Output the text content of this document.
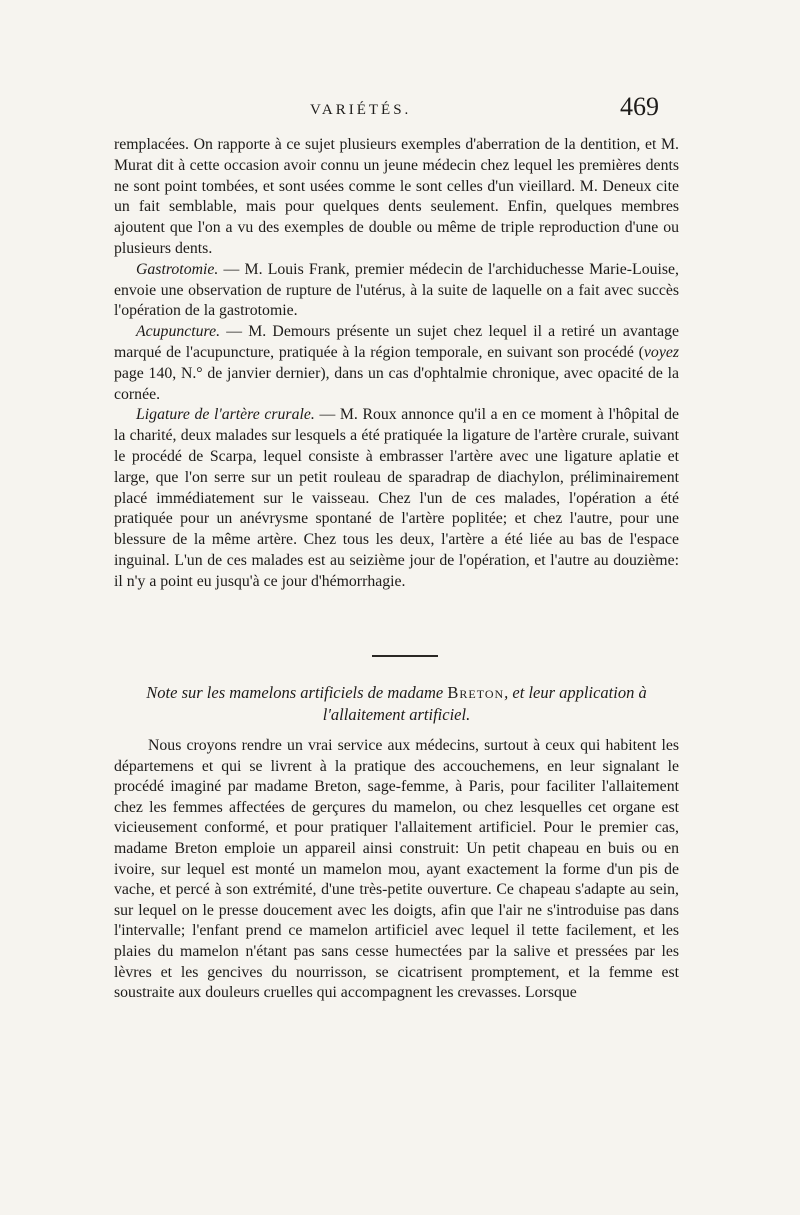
VARIÉTÉS.	469

remplacées. On rapporte à ce sujet plusieurs exemples d'aberration de la dentition, et M. Murat dit à cette occasion avoir connu un jeune médecin chez lequel les premières dents ne sont point tombées, et sont usées comme le sont celles d'un vieillard. M. Deneux cite un fait semblable, mais pour quelques dents seulement. Enfin, quelques membres ajoutent que l'on a vu des exemples de double ou même de triple reproduction d'une ou plusieurs dents.

Gastrotomie. — M. Louis Frank, premier médecin de l'archiduchesse Marie-Louise, envoie une observation de rupture de l'utérus, à la suite de laquelle on a fait avec succès l'opération de la gastrotomie.

Acupuncture. — M. Demours présente un sujet chez lequel il a retiré un avantage marqué de l'acupuncture, pratiquée à la région temporale, en suivant son procédé (voyez page 140, N.° de janvier dernier), dans un cas d'ophtalmie chronique, avec opacité de la cornée.

Ligature de l'artère crurale. — M. Roux annonce qu'il a en ce moment à l'hôpital de la charité, deux malades sur lesquels a été pratiquée la ligature de l'artère crurale, suivant le procédé de Scarpa, lequel consiste à embrasser l'artère avec une ligature aplatie et large, que l'on serre sur un petit rouleau de sparadrap de diachylon, préliminairement placé immédiatement sur le vaisseau. Chez l'un de ces malades, l'opération a été pratiquée pour un anévrysme spontané de l'artère poplitée; et chez l'autre, pour une blessure de la même artère. Chez tous les deux, l'artère a été liée au bas de l'espace inguinal. L'un de ces malades est au seizième jour de l'opération, et l'autre au douzième: il n'y a point eu jusqu'à ce jour d'hémorrhagie.

Note sur les mamelons artificiels de madame Breton, et leur application à l'allaitement artificiel.

Nous croyons rendre un vrai service aux médecins, surtout à ceux qui habitent les départemens et qui se livrent à la pratique des accouchemens, en leur signalant le procédé imaginé par madame Breton, sage-femme, à Paris, pour faciliter l'allaitement chez les femmes affectées de gerçures du mamelon, ou chez lesquelles cet organe est vicieusement conformé, et pour pratiquer l'allaitement artificiel. Pour le premier cas, madame Breton emploie un appareil ainsi construit: Un petit chapeau en buis ou en ivoire, sur lequel est monté un mamelon mou, ayant exactement la forme d'un pis de vache, et percé à son extrémité, d'une très-petite ouverture. Ce chapeau s'adapte au sein, sur lequel on le presse doucement avec les doigts, afin que l'air ne s'introduise pas dans l'intervalle; l'enfant prend ce mamelon artificiel avec lequel il tette facilement, et les plaies du mamelon n'étant pas sans cesse humectées par la salive et pressées par les lèvres et les gencives du nourrisson, se cicatrisent promptement, et la femme est soustraite aux douleurs cruelles qui accompagnent les crevasses. Lorsque
